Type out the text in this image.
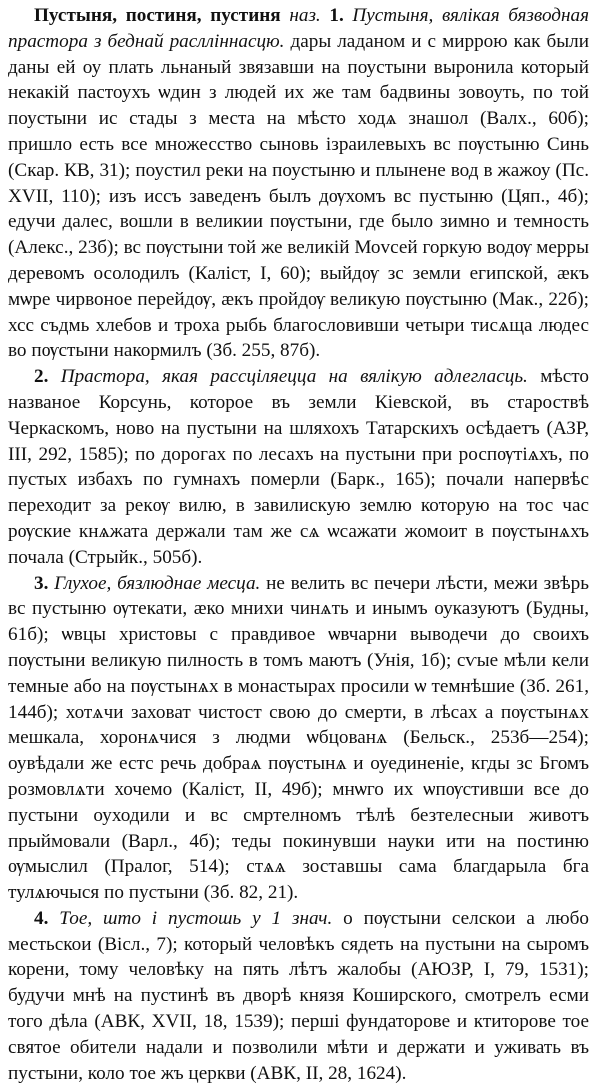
Пустыня, постиня, пустиня наз. 1. Пустыня, вялікая бязводная прастора з беднай раслліннасцю. дары ладаном и с миррою как были даны ей оу плать льнаный звязавши на поустыни выронила который некакій пастоухъ ѡдин з людей их же там бадвины зовоуть, по той поустыни ис стады з места на мѣсто ходѧ знашол (Валх., 60б); пришло есть все множесство сыновь ізраилевыхъ вс пѹстыню Синь (Скар. КВ, 31); поустил реки на поустыню и плынене вод в жажоу (Пс. XVII, 110); изъ иссъ заведенъ былъ дѹхомъ вс пустыню (Цяп., 4б); едучи далес, вошли в великии пѹстыни, где было зимно и темность (Алекс., 23б); вс пѹстыни той же великій Моvсей горкую водѹ мерры деревомъ осолодилъ (Калiст, I, 60); выйдѹ зс земли египской, ӕкъ мѡре чирвоное перейдѹ, ӕкъ пройдѹ великую пѹстыню (Мак., 22б); хсс съдмь хлебов и троха рыбь благословивши четыри тисѧща людес во пѹстыни накормилъ (Зб. 255, 87б).

2. Прастора, якая рассціляецца на вялікую адлегласць. мѣсто названое Корсунь, которое въ земли Кіевской, въ староствѣ Черкаскомъ, ново на пустыни на шляхохъ Татарскихъ осѣдаетъ (АЗР, III, 292, 1585); по дорогах по лесахъ на пустыни при роспѹтіѧхъ, по пустых избахъ по гумнахъ померли (Барк., 165); почали напервѣс переходит за рекѹ вилю, в завилискую землю которую на тос час рѹские кнѧжата держали там же сѧ ѡсажати жомоит в пѹстынѧхъ почала (Стрыйк., 505б).

3. Глухое, бязлюднае месца. не велить вс печери лѣсти, межи звѣрь вс пустыню ѹтекати, ӕко мнихи чинѧть и инымъ оуказуютъ (Будны, 61б); ѡвцы христовы с правдивое ѡвчарни выводечи до своихъ пѹстыни великую пилность в томъ маютъ (Унія, 1б); сѵые мѣли кели темные або на пѹстынѧх в монастырах просили ѡ темнѣшие (Зб. 261, 144б); хотѧчи заховат чистост свою до смерти, в лѣсах а пѹстынѧх мешкала, хоронѧчися з людми ѡбцованѧ (Бельск., 253б—254); оувѣдали же естс речь добраѧ пѹстынѧ и оуединеніе, кгды зс Бгомъ розмовлѧти хочемо (Калiст, II, 49б); мнѡго их ѡпѹстивши все до пустыни оуходили и вс смртелномъ тѣлѣ безтелесныи животъ прыймовали (Варл., 4б); теды покинувши науки ити на постиню ѹмыслил (Пралог, 514); стѧѧ зоставшы сама благдарыла бга тулѧючыся по пустыни (Зб. 82, 21).

4. Тое, што і пустошь у 1 знач. о пѹстыни селскои а любо местьскои (Вісл., 7); который человѣкъ сядеть на пустыни на сыромъ корени, тому человѣку на пять лѣтъ жалобы (АЮЗР, I, 79, 1531); будучи мнѣ на пустинѣ въ дворѣ князя Коширского, смотрелъ есми того дѣла (АВК, XVII, 18, 1539); перші фундаторове и ктиторове тое святое обители надали и позволили мѣти и держати и уживать въ пустыни, коло тое жъ церкви (АВК, II, 28, 1624).
